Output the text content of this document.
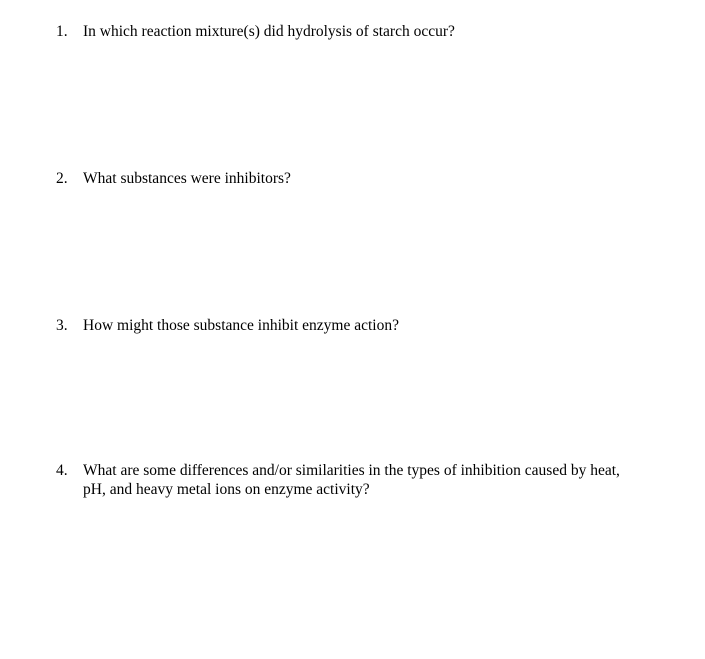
1. In which reaction mixture(s) did hydrolysis of starch occur?
2. What substances were inhibitors?
3. How might those substance inhibit enzyme action?
4. What are some differences and/or similarities in the types of inhibition caused by heat,
pH, and heavy metal ions on enzyme activity?
